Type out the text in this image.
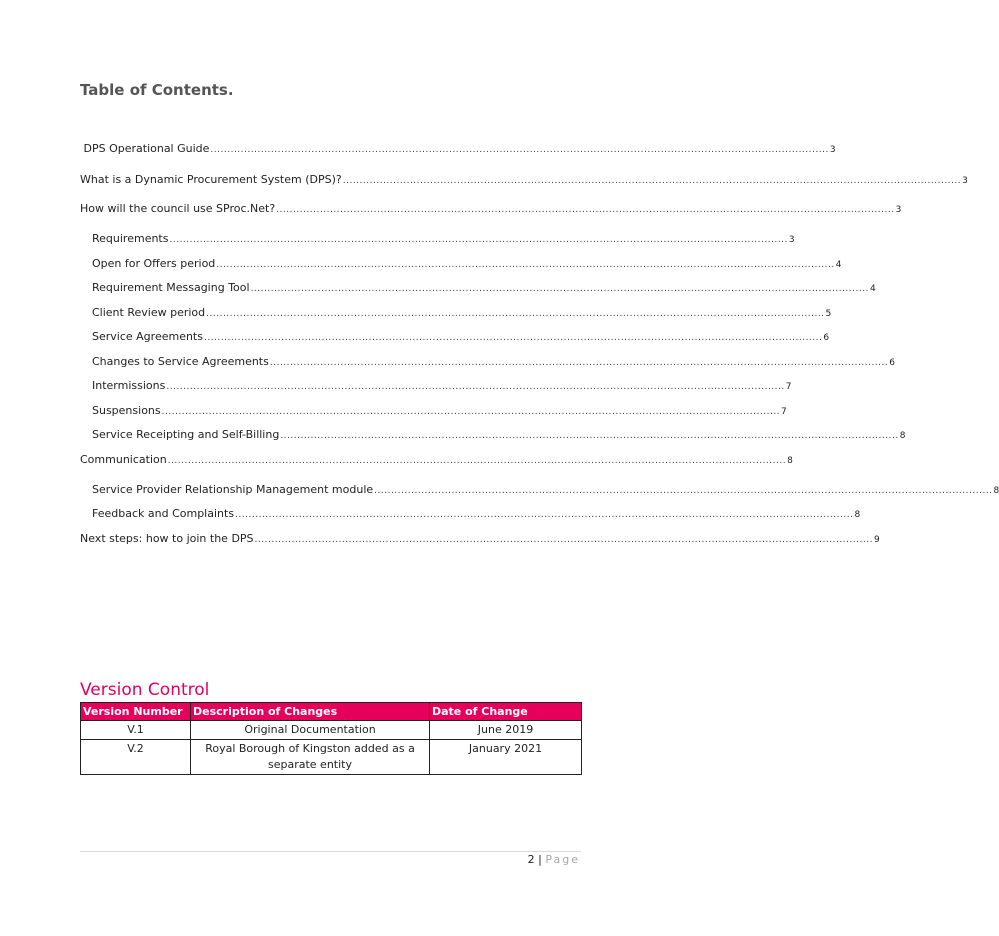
Table of Contents.
DPS Operational Guide ........................................................................................................................................................................................ 3
What is a Dynamic Procurement System (DPS)? ........................................................................................................................................................................................ 3
How will the council use SProc.Net? ........................................................................................................................................................................................ 3
Requirements ........................................................................................................................................................................................ 3
Open for Offers period ........................................................................................................................................................................................ 4
Requirement Messaging Tool ........................................................................................................................................................................................ 4
Client Review period ........................................................................................................................................................................................ 5
Service Agreements ........................................................................................................................................................................................ 6
Changes to Service Agreements ........................................................................................................................................................................................ 6
Intermissions ........................................................................................................................................................................................ 7
Suspensions ........................................................................................................................................................................................ 7
Service Receipting and Self-Billing ........................................................................................................................................................................................ 8
Communication ........................................................................................................................................................................................ 8
Service Provider Relationship Management module ........................................................................................................................................................................................ 8
Feedback and Complaints ........................................................................................................................................................................................ 8
Next steps: how to join the DPS ........................................................................................................................................................................................ 9
Version Control
Version Number	Description of Changes	Date of Change
V.1	Original Documentation	June 2019
V.2	Royal Borough of Kingston added as a separate entity	January 2021
2 | Page
